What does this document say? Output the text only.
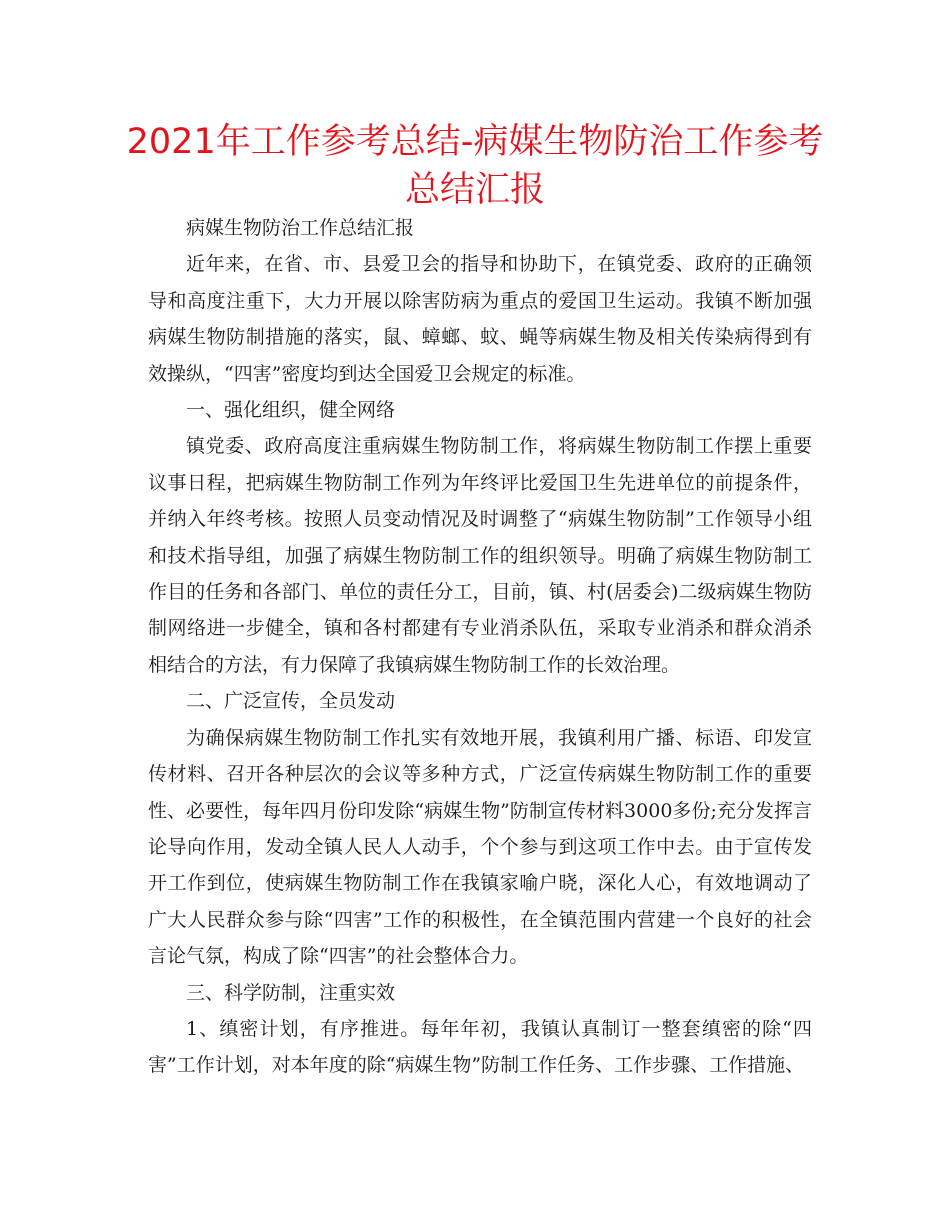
2021年工作参考总结-病媒生物防治工作参考总结汇报

病媒生物防治工作总结汇报

近年来，在省、市、县爱卫会的指导和协助下，在镇党委、政府的正确领导和高度注重下，大力开展以除害防病为重点的爱国卫生运动。我镇不断加强病媒生物防制措施的落实，鼠、蟑螂、蚊、蝇等病媒生物及相关传染病得到有效操纵，“四害”密度均到达全国爱卫会规定的标准。

一、强化组织，健全网络

镇党委、政府高度注重病媒生物防制工作，将病媒生物防制工作摆上重要议事日程，把病媒生物防制工作列为年终评比爱国卫生先进单位的前提条件，并纳入年终考核。按照人员变动情况及时调整了“病媒生物防制”工作领导小组和技术指导组，加强了病媒生物防制工作的组织领导。明确了病媒生物防制工作目的任务和各部门、单位的责任分工，目前，镇、村(居委会)二级病媒生物防制网络进一步健全，镇和各村都建有专业消杀队伍，采取专业消杀和群众消杀相结合的方法，有力保障了我镇病媒生物防制工作的长效治理。

二、广泛宣传，全员发动

为确保病媒生物防制工作扎实有效地开展，我镇利用广播、标语、印发宣传材料、召开各种层次的会议等多种方式，广泛宣传病媒生物防制工作的重要性、必要性，每年四月份印发除“病媒生物”防制宣传材料3000多份;充分发挥言论导向作用，发动全镇人民人人动手，个个参与到这项工作中去。由于宣传发开工作到位，使病媒生物防制工作在我镇家喻户晓，深化人心，有效地调动了广大人民群众参与除“四害”工作的积极性，在全镇范围内营建一个良好的社会言论气氛，构成了除“四害”的社会整体合力。

三、科学防制，注重实效

1、缜密计划，有序推进。每年年初，我镇认真制订一整套缜密的除“四害”工作计划，对本年度的除“病媒生物”防制工作任务、工作步骤、工作措施、
